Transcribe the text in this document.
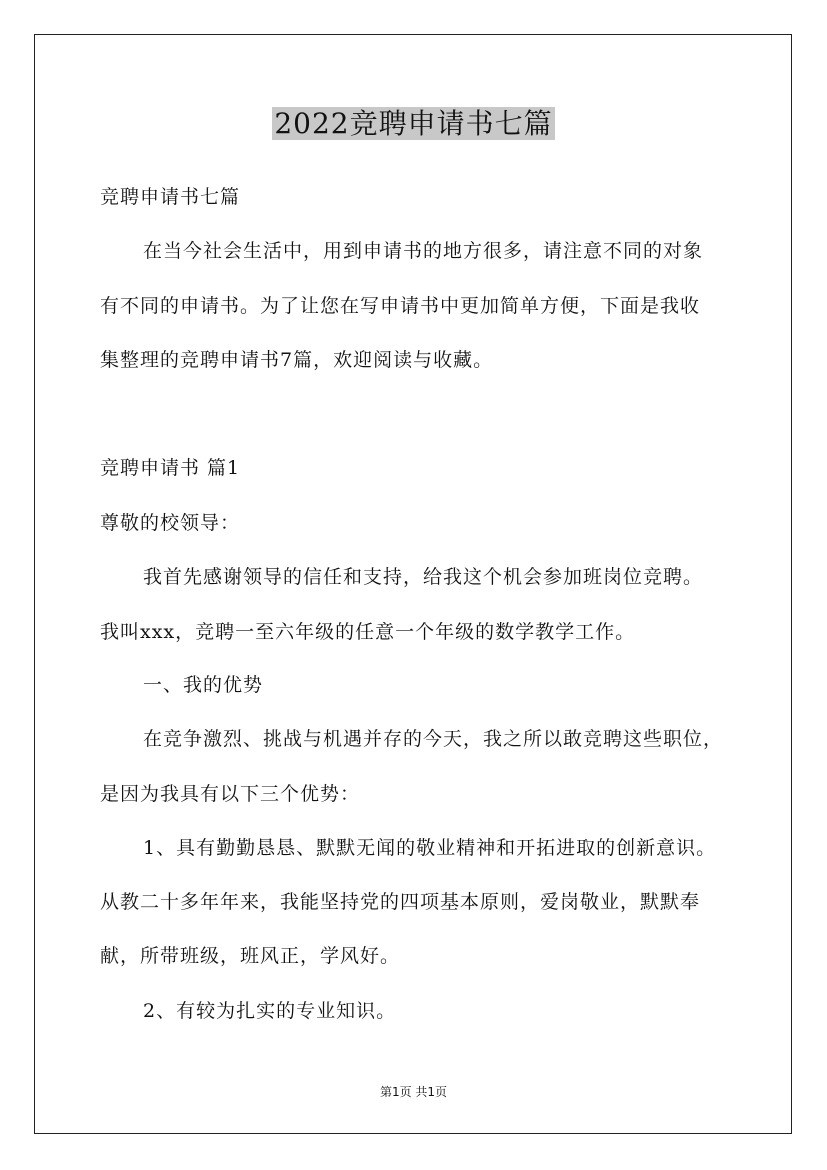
2022竞聘申请书七篇
竞聘申请书七篇
在当今社会生活中，用到申请书的地方很多，请注意不同的对象
有不同的申请书。为了让您在写申请书中更加简单方便，下面是我收
集整理的竞聘申请书7篇，欢迎阅读与收藏。
竞聘申请书 篇1
尊敬的校领导：
我首先感谢领导的信任和支持，给我这个机会参加班岗位竞聘。
我叫xxx，竞聘一至六年级的任意一个年级的数学教学工作。
一、我的优势
在竞争激烈、挑战与机遇并存的今天，我之所以敢竞聘这些职位，
是因为我具有以下三个优势：
1、具有勤勤恳恳、默默无闻的敬业精神和开拓进取的创新意识。
从教二十多年年来，我能坚持党的四项基本原则，爱岗敬业，默默奉
献，所带班级，班风正，学风好。
2、有较为扎实的专业知识。
第1页 共1页
